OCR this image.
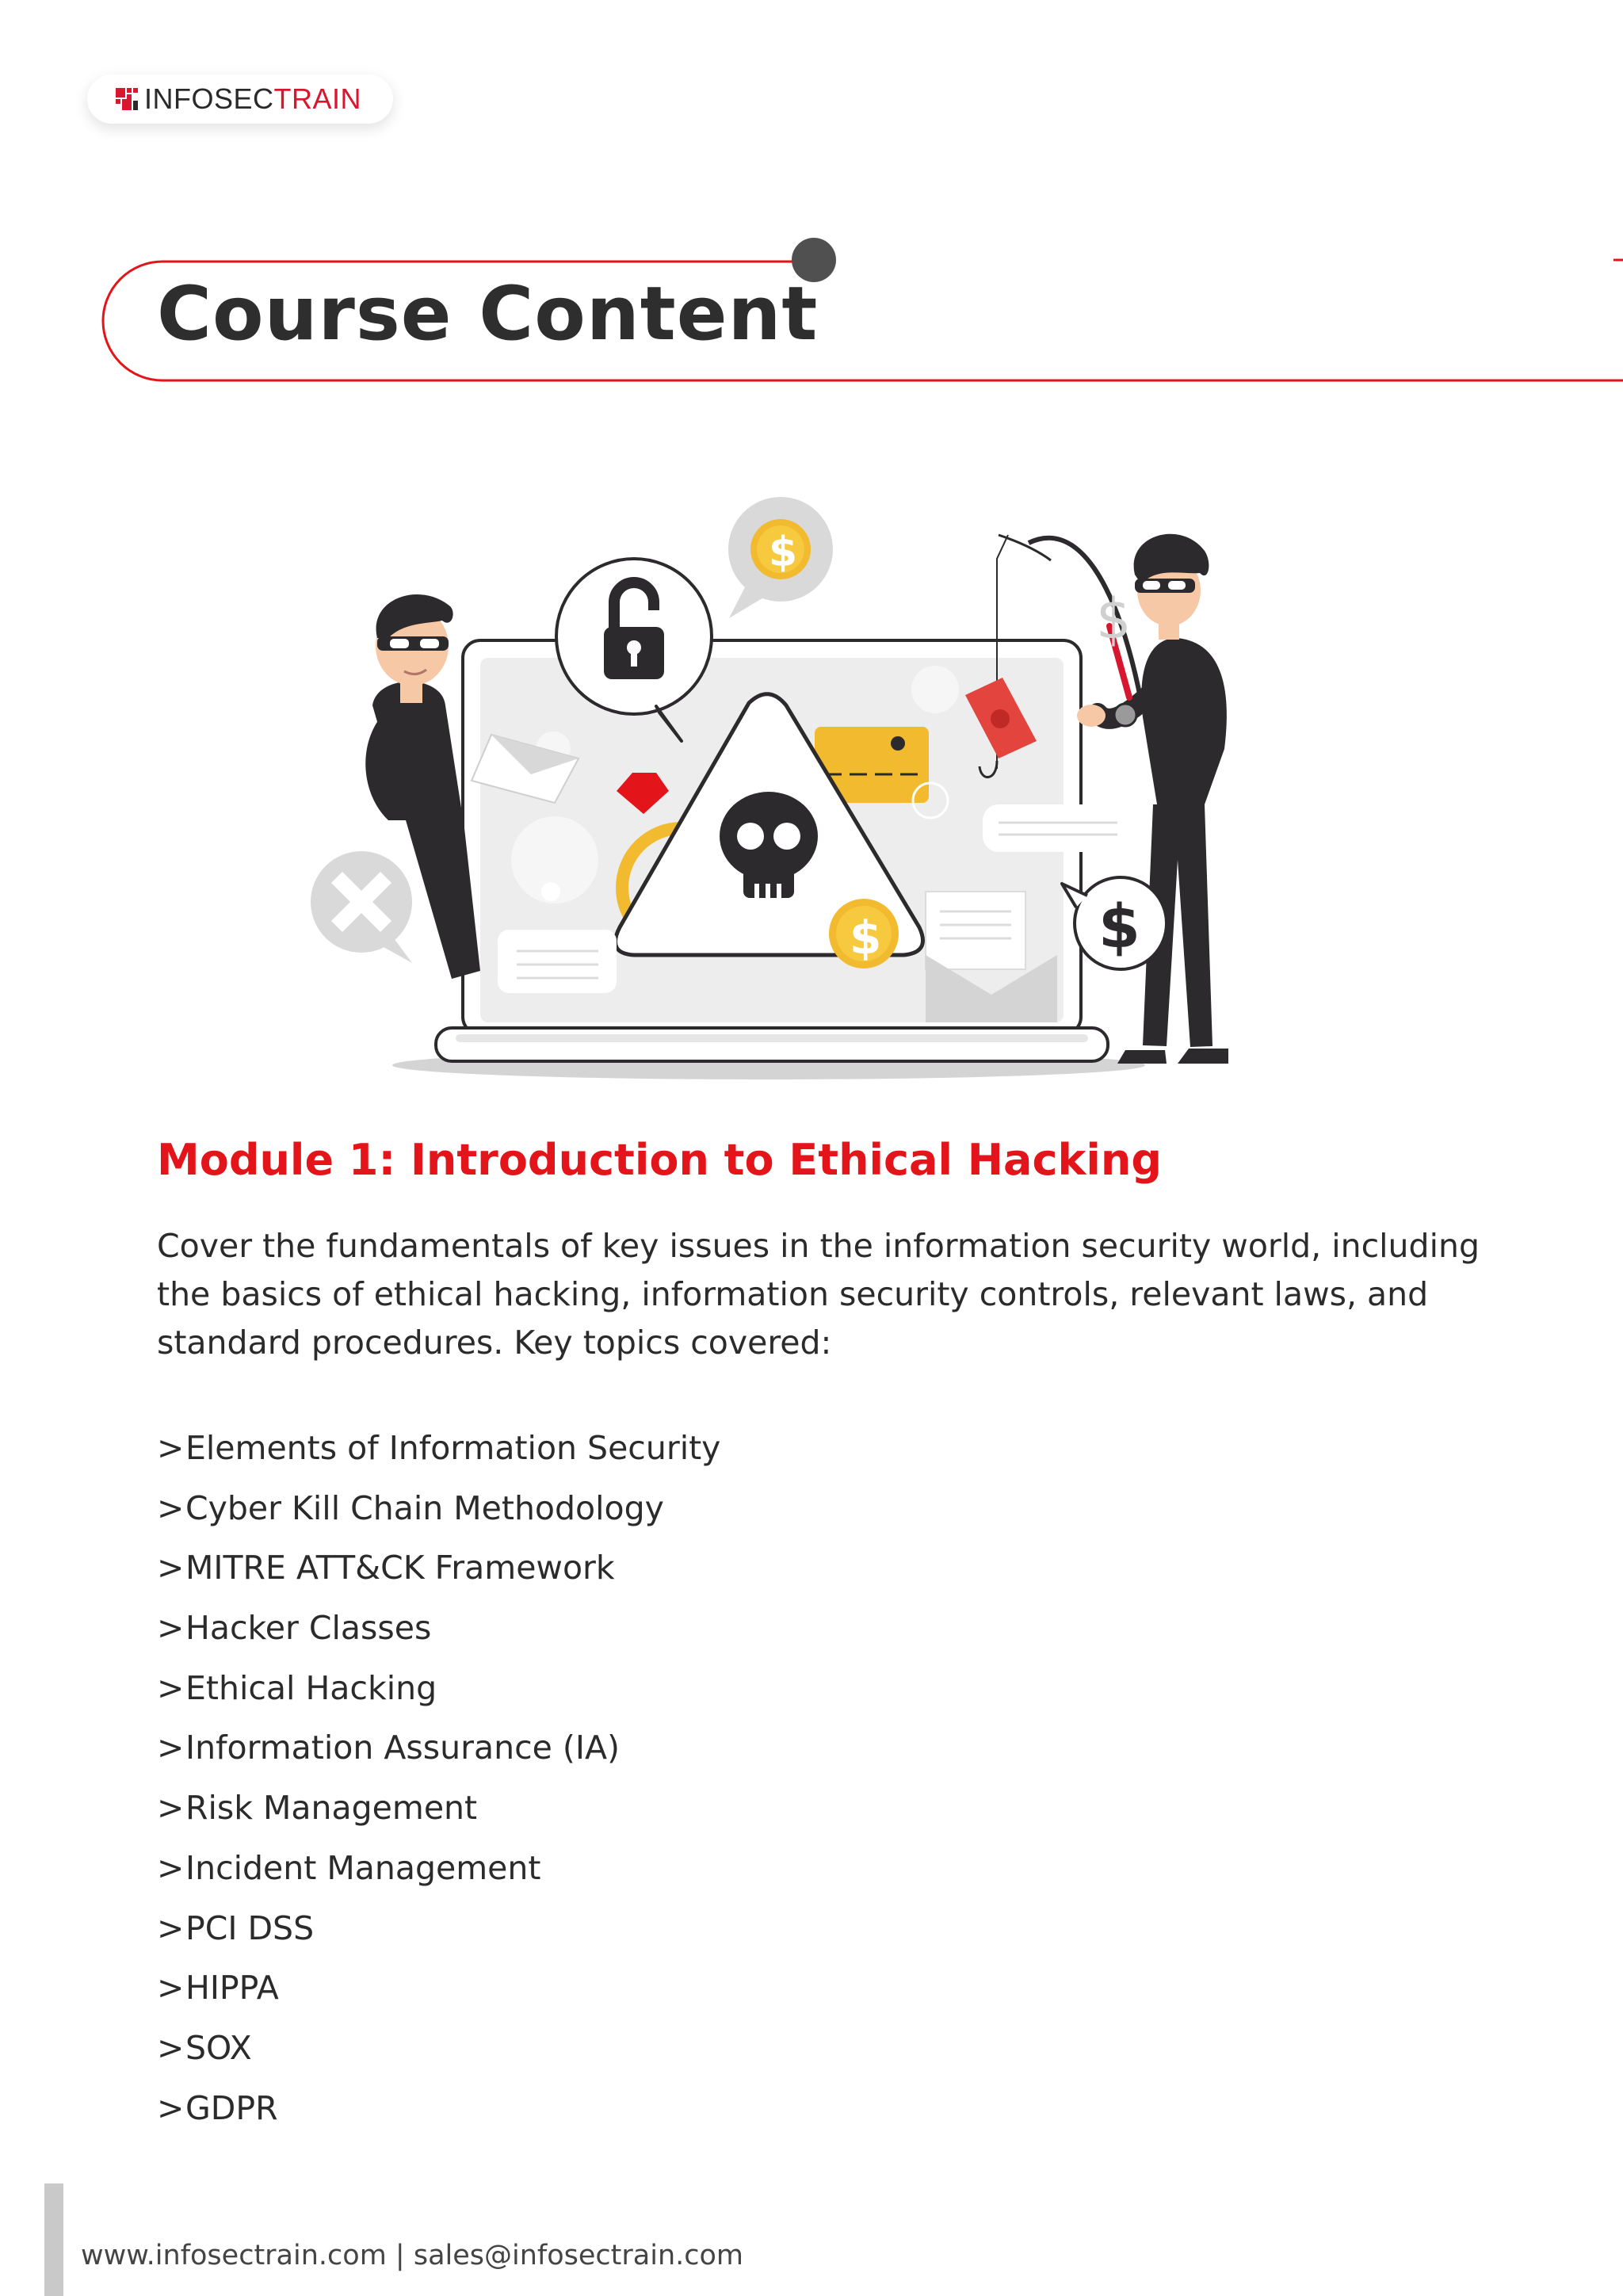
INFOSECTRAIN
Course Content
$
$
$	$
Module 1: Introduction to Ethical Hacking

Cover the fundamentals of key issues in the information security world, including the basics of ethical hacking, information security controls, relevant laws, and standard procedures. Key topics covered:

>Elements of Information Security
>Cyber Kill Chain Methodology
>MITRE ATT&CK Framework
>Hacker Classes
>Ethical Hacking
>Information Assurance (IA)
>Risk Management
>Incident Management
>PCI DSS
>HIPPA
>SOX
>GDPR
www.infosectrain.com | sales@infosectrain.com
